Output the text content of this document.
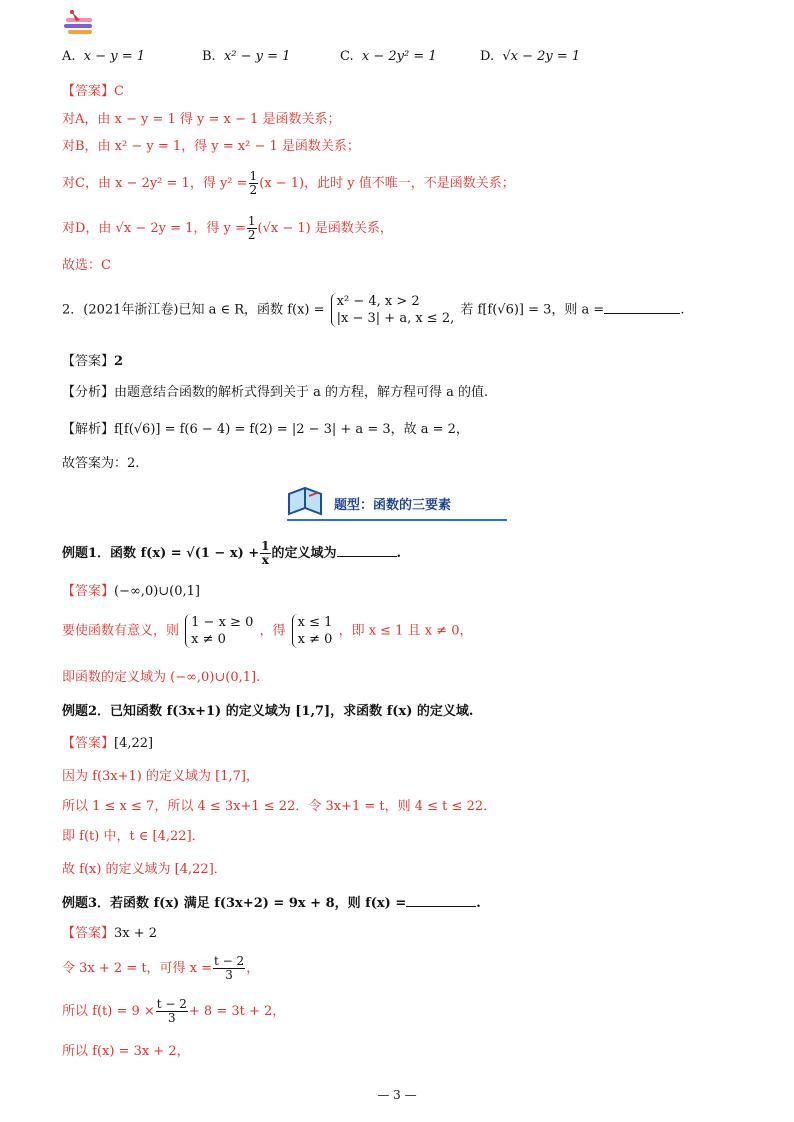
A. x − y = 1	B. x² − y = 1	C. x − 2y² = 1	D. √x − 2y = 1
【答案】C
对A，由 x − y = 1 得 y = x − 1 是函数关系；
对B，由 x² − y = 1，得 y = x² − 1 是函数关系；
对C，由 x − 2y² = 1，得 $y^2 = \frac{1}{2} (x - 1)$，此时 y 值不唯一，不是函数关系；
对D，由 √x − 2y = 1，得 $y = \frac{1}{2} (√x - 1)$ 是函数关系，
故选：C
2．(2021年浙江卷)已知 a ∈ R，函数 f(x) =
x² − 4, x > 2
|x − 3| + a, x ≤ 2,
若 f[f(√6)] = 3，则 a =	.
【答案】2
【分析】由题意结合函数的解析式得到关于 a 的方程，解方程可得 a 的值.
【解析】f[f(√6)] = f(6 − 4) = f(2) = |2 − 3| + a = 3，故 a = 2，
故答案为：2.
题型：函数的三要素
例题1．函数 $f(x) = √(1 - x) + \frac{1}{x}$ 的定义域为	.
【答案】(−∞,0)∪(0,1]
要使函数有意义，则
1 − x ≥ 0
x ≠ 0
，得
x ≤ 1
x ≠ 0
，即 x ≤ 1 且 x ≠ 0，
即函数的定义域为 (−∞,0)∪(0,1].
例题2．已知函数 f(3x+1) 的定义域为 [1,7]，求函数 f(x) 的定义域.
【答案】[4,22]
因为 f(3x+1) 的定义域为 [1,7]，
所以 1 ≤ x ≤ 7，所以 4 ≤ 3x+1 ≤ 22．令 3x+1 = t，则 4 ≤ t ≤ 22．
即 f(t) 中，t ∈ [4,22]．
故 f(x) 的定义域为 [4,22]．
例题3．若函数 f(x) 满足 f(3x+2) = 9x + 8，则 f(x) =	.
【答案】3x + 2
令 3x + 2 = t，可得 $x = \frac{t - 2}{3}$ ，
所以 $f(t) = 9 \times \frac{t - 2}{3} + 8 = 3t + 2$，
所以 f(x) = 3x + 2，
— 3 —
